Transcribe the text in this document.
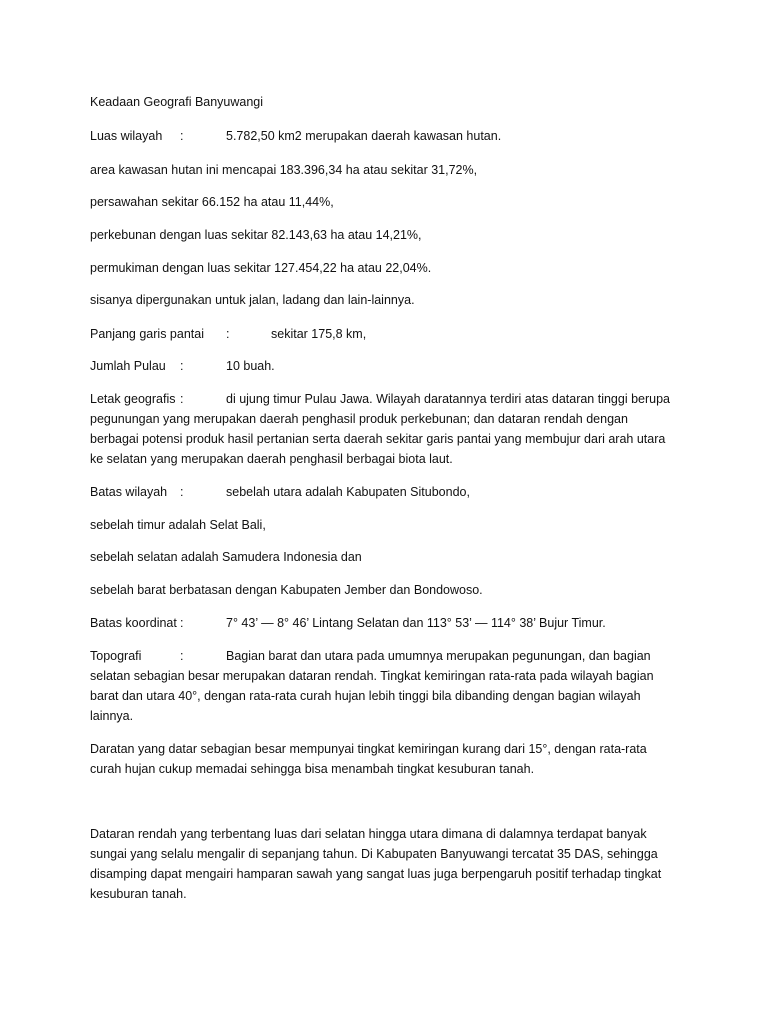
Keadaan Geografi Banyuwangi

Luas wilayah :	5.782,50 km2 merupakan daerah kawasan hutan.

area kawasan hutan ini mencapai 183.396,34 ha atau sekitar 31,72%,

persawahan sekitar 66.152 ha atau 11,44%,

perkebunan dengan luas sekitar 82.143,63 ha atau 14,21%,

permukiman dengan luas sekitar 127.454,22 ha atau 22,04%.

sisanya dipergunakan untuk jalan, ladang dan lain-lainnya.

Panjang garis pantai :	sekitar 175,8 km,

Jumlah Pulau :	10 buah.

Letak geografis :	di ujung timur Pulau Jawa. Wilayah daratannya terdiri atas dataran tinggi berupa
pegunungan yang merupakan daerah penghasil produk perkebunan; dan dataran rendah dengan
berbagai potensi produk hasil pertanian serta daerah sekitar garis pantai yang membujur dari arah utara
ke selatan yang merupakan daerah penghasil berbagai biota laut.

Batas wilayah :	sebelah utara adalah Kabupaten Situbondo,

sebelah timur adalah Selat Bali,

sebelah selatan adalah Samudera Indonesia dan

sebelah barat berbatasan dengan Kabupaten Jember dan Bondowoso.

Batas koordinat :	7° 43’ — 8° 46’ Lintang Selatan dan 113° 53’ — 114° 38’ Bujur Timur.

Topografi	:	Bagian barat dan utara pada umumnya merupakan pegunungan, dan bagian
selatan sebagian besar merupakan dataran rendah. Tingkat kemiringan rata-rata pada wilayah bagian
barat dan utara 40°, dengan rata-rata curah hujan lebih tinggi bila dibanding dengan bagian wilayah
lainnya.
Daratan yang datar sebagian besar mempunyai tingkat kemiringan kurang dari 15°, dengan rata-rata
curah hujan cukup memadai sehingga bisa menambah tingkat kesuburan tanah.
Dataran rendah yang terbentang luas dari selatan hingga utara dimana di dalamnya terdapat banyak
sungai yang selalu mengalir di sepanjang tahun. Di Kabupaten Banyuwangi tercatat 35 DAS, sehingga
disamping dapat mengairi hamparan sawah yang sangat luas juga berpengaruh positif terhadap tingkat
kesuburan tanah.
